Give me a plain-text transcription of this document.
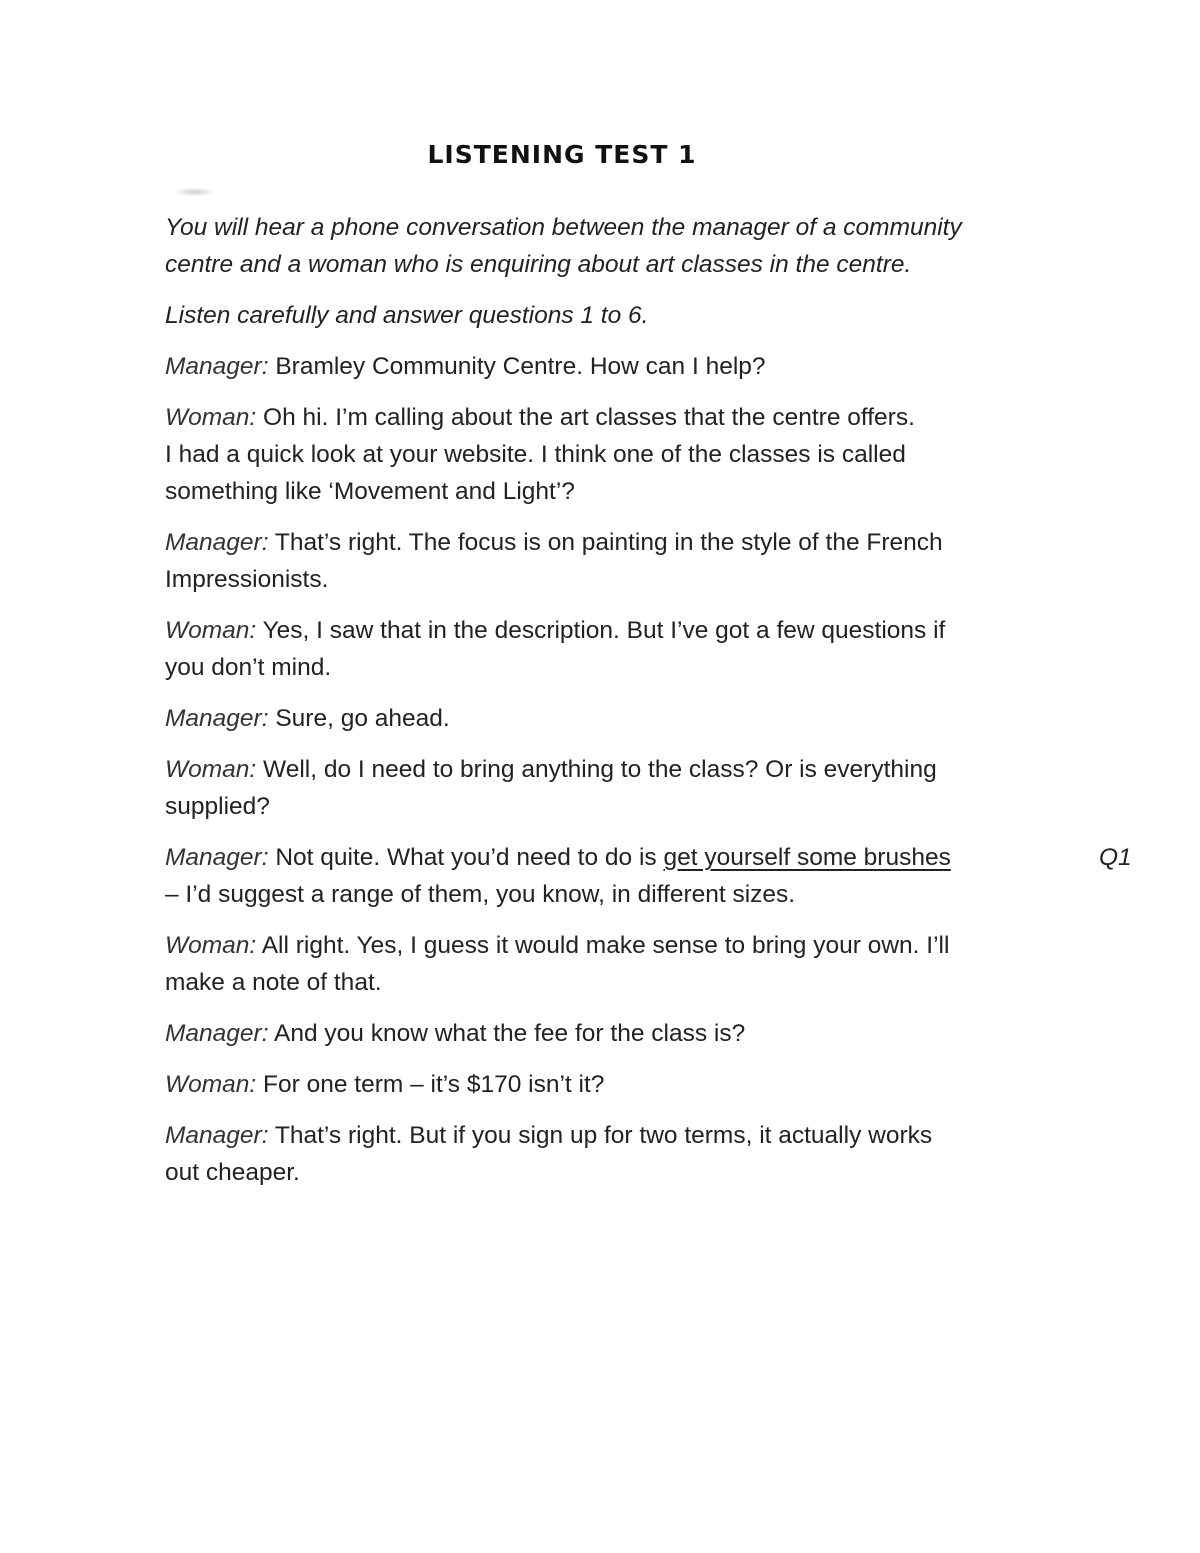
LISTENING TEST 1

You will hear a phone conversation between the manager of a community
centre and a woman who is enquiring about art classes in the centre.

Listen carefully and answer questions 1 to 6.

Manager: Bramley Community Centre. How can I help?

Woman: Oh hi. I’m calling about the art classes that the centre offers.
I had a quick look at your website. I think one of the classes is called
something like ‘Movement and Light’?

Manager: That’s right. The focus is on painting in the style of the French
Impressionists.

Woman: Yes, I saw that in the description. But I’ve got a few questions if
you don’t mind.

Manager: Sure, go ahead.

Woman: Well, do I need to bring anything to the class? Or is everything
supplied?

Manager: Not quite. What you’d need to do is get yourself some brushes	Q1

– I’d suggest a range of them, you know, in different sizes.

Woman: All right. Yes, I guess it would make sense to bring your own. I’ll
make a note of that.

Manager: And you know what the fee for the class is?

Woman: For one term – it’s $170 isn’t it?

Manager: That’s right. But if you sign up for two terms, it actually works
out cheaper.
